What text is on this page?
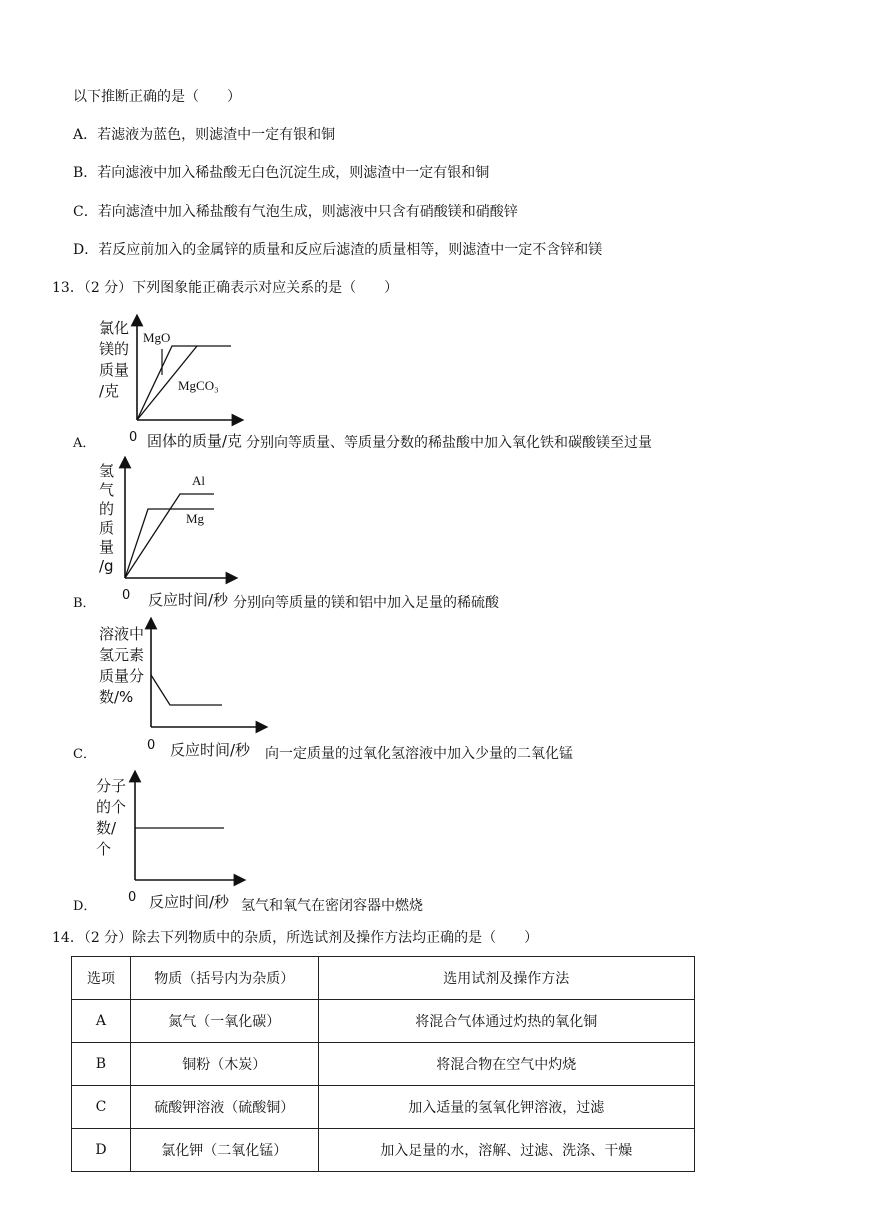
以下推断正确的是（　　）
A．若滤液为蓝色，则滤渣中一定有银和铜
B．若向滤液中加入稀盐酸无白色沉淀生成，则滤渣中一定有银和铜
C．若向滤渣中加入稀盐酸有气泡生成，则滤液中只含有硝酸镁和硝酸锌
D．若反应前加入的金属锌的质量和反应后滤渣的质量相等，则滤渣中一定不含锌和镁
13．（2 分）下列图象能正确表示对应关系的是（　　）
A．
氯化
镁的
质量
/克
0 固体的质量/克
MgO
MgCO₃
分别向等质量、等质量分数的稀盐酸中加入氧化铁和碳酸镁至过量
B．
氢
气
的
质
量
/g
0 反应时间/秒
Al
Mg
分别向等质量的镁和铝中加入足量的稀硫酸
C．
溶液中
氢元素
质量分
数/%
0 反应时间/秒 向一定质量的过氧化氢溶液中加入少量的二氧化锰
D．
分子
的个
数/
个
0 反应时间/秒 氢气和氧气在密闭容器中燃烧
14．（2 分）除去下列物质中的杂质，所选试剂及操作方法均正确的是（　　）
选项	物质（括号内为杂质）	选用试剂及操作方法
A	氮气（一氧化碳）	将混合气体通过灼热的氧化铜
B	铜粉（木炭）	将混合物在空气中灼烧
C	硫酸钾溶液（硫酸铜）	加入适量的氢氧化钾溶液，过滤
D	氯化钾（二氧化锰）	加入足量的水，溶解、过滤、洗涤、干燥
